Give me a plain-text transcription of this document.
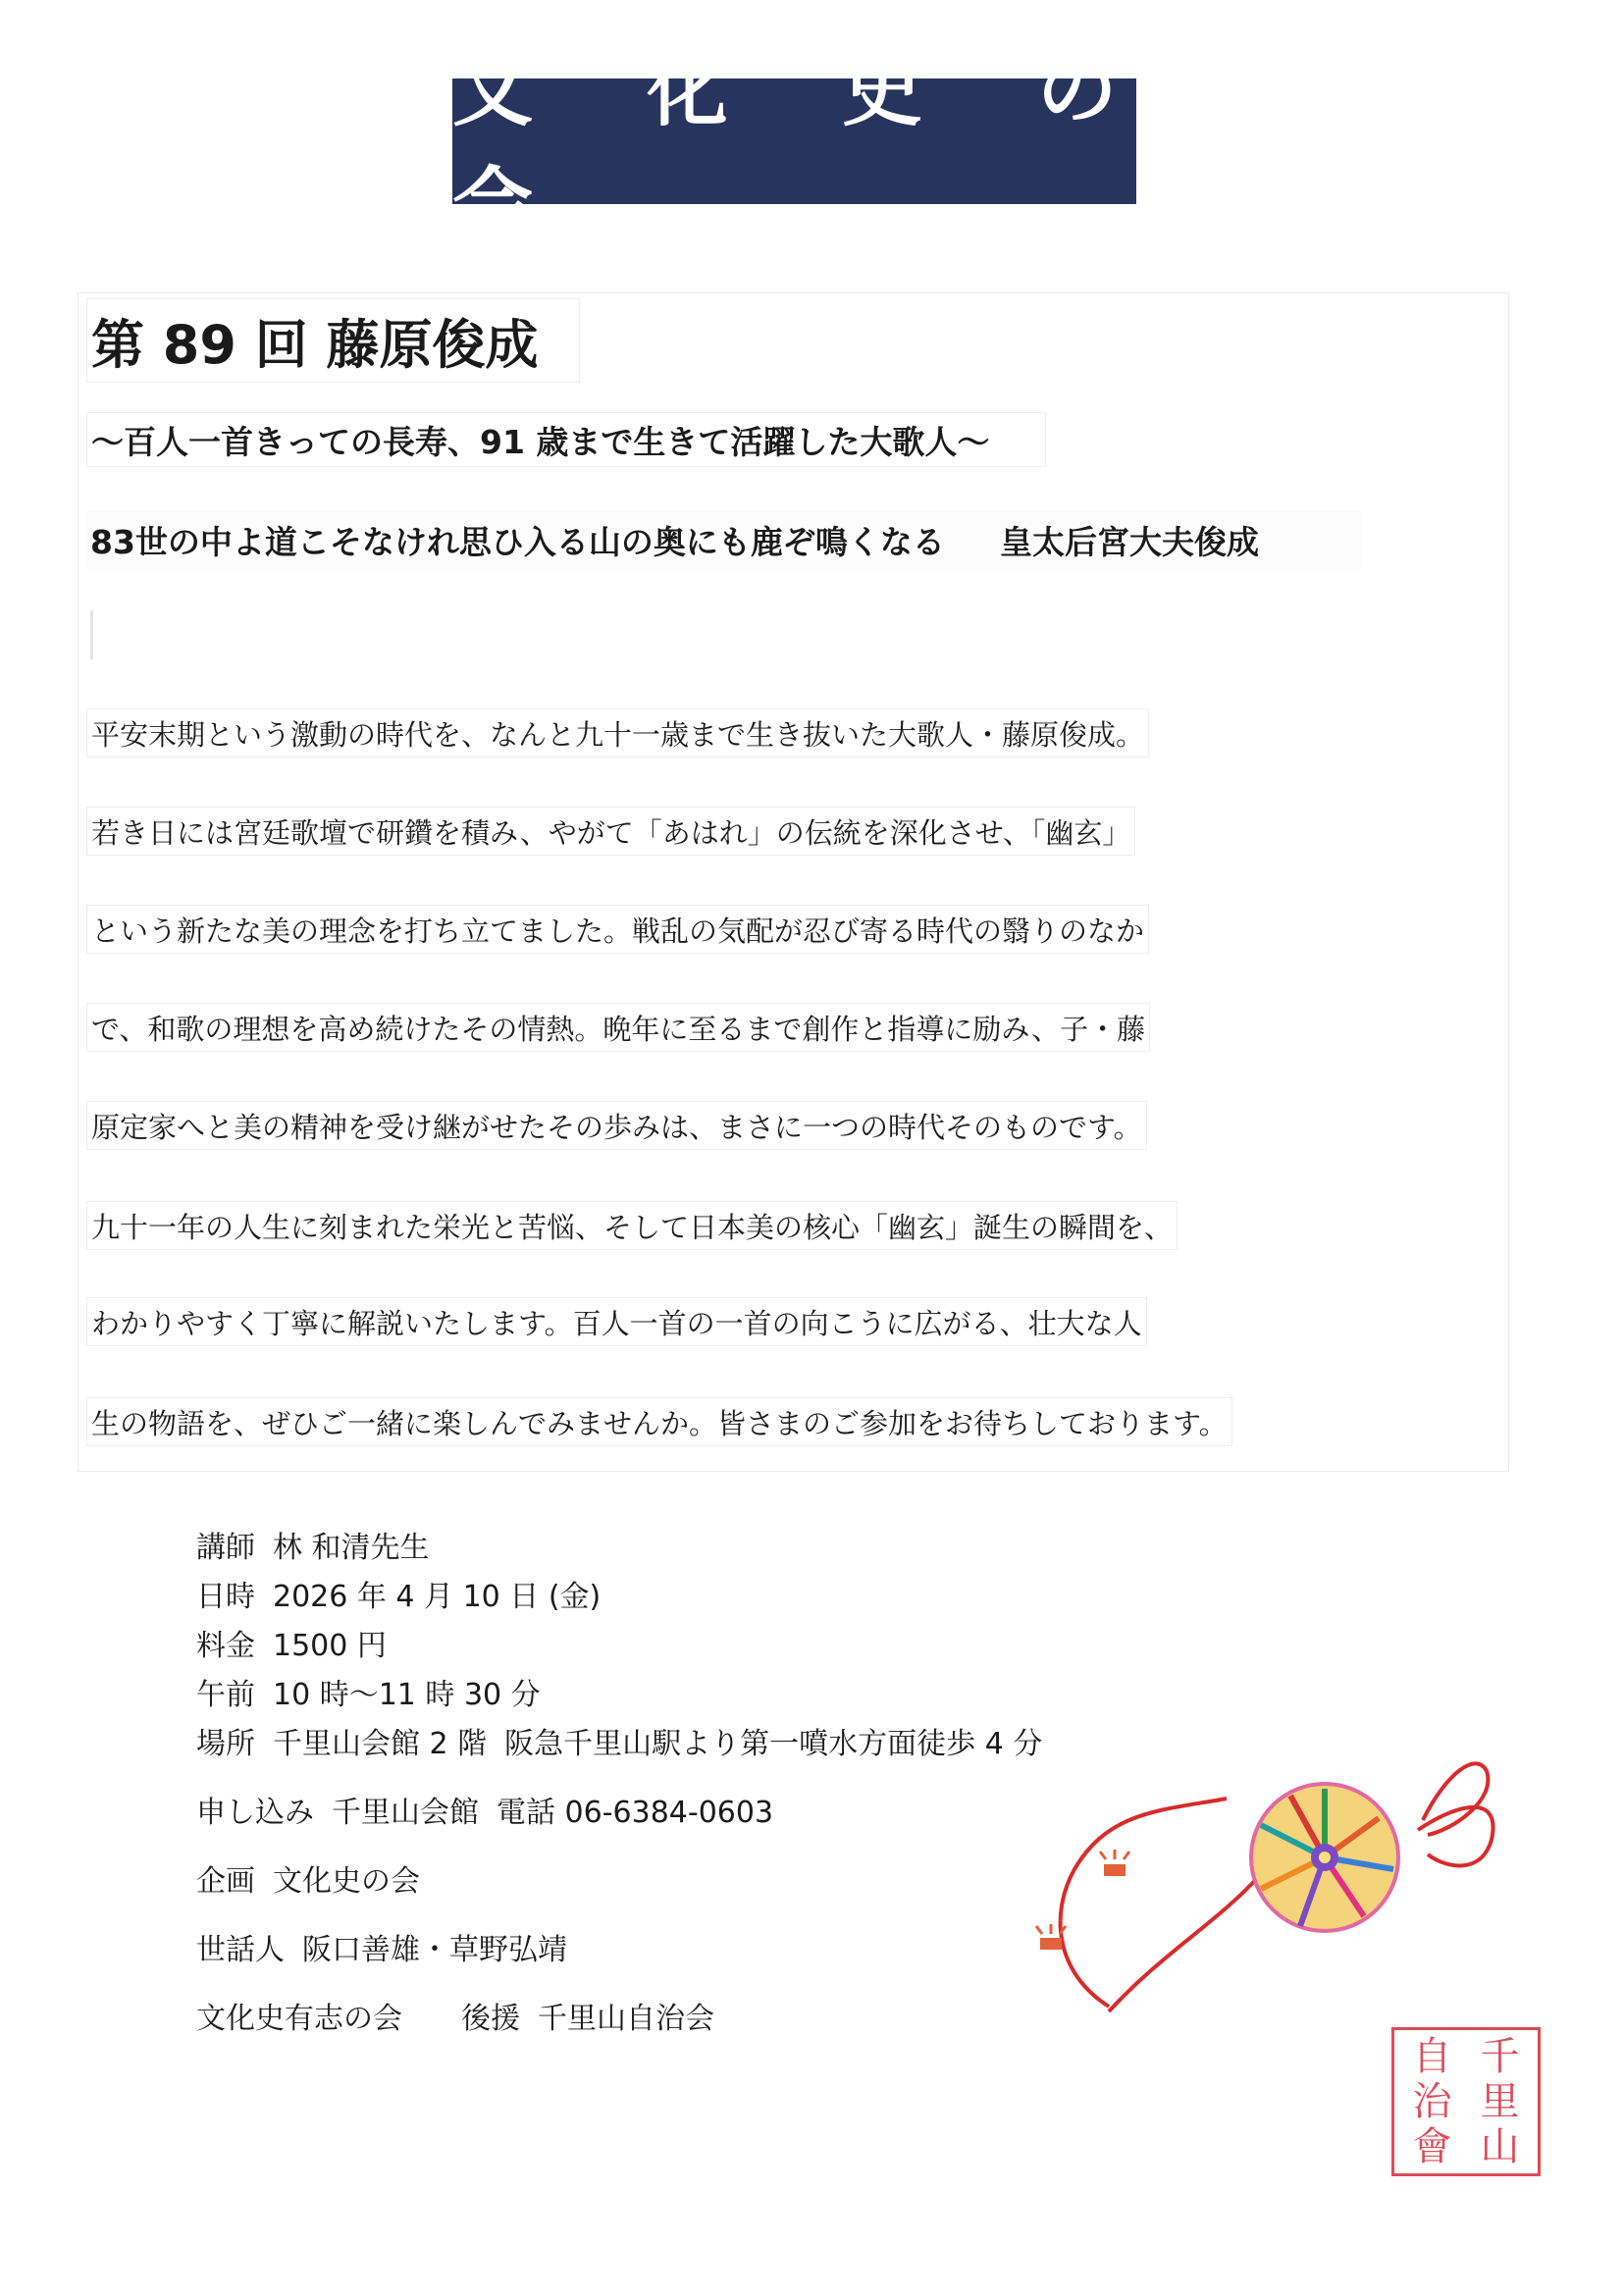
文 化 史 の 会
第 89 回 藤原俊成
～百人一首きっての長寿、91 歳まで生きて活躍した大歌人～
83世の中よ道こそなけれ思ひ入る山の奥にも鹿ぞ鳴くなる 皇太后宮大夫俊成
平安末期という激動の時代を、なんと九十一歳まで生き抜いた大歌人・藤原俊成。
若き日には宮廷歌壇で研鑽を積み、やがて「あはれ」の伝統を深化させ、「幽玄」
という新たな美の理念を打ち立てました。戦乱の気配が忍び寄る時代の翳りのなか
で、和歌の理想を高め続けたその情熱。晩年に至るまで創作と指導に励み、子・藤
原定家へと美の精神を受け継がせたその歩みは、まさに一つの時代そのものです。
九十一年の人生に刻まれた栄光と苦悩、そして日本美の核心「幽玄」誕生の瞬間を、
わかりやすく丁寧に解説いたします。百人一首の一首の向こうに広がる、壮大な人
生の物語を、ぜひご一緒に楽しんでみませんか。皆さまのご参加をお待ちしております。
講師 林 和清先生
日時 2026 年 4 月 10 日 (金)
料金 1500 円
午前 10 時～11 時 30 分
場所 千里山会館 2 階 阪急千里山駅より第一噴水方面徒歩 4 分
申し込み 千里山会館 電話 06-6384-0603
企画 文化史の会
世話人 阪口善雄・草野弘靖
文化史有志の会 後援 千里山自治会
自
治
會
千
里
山
